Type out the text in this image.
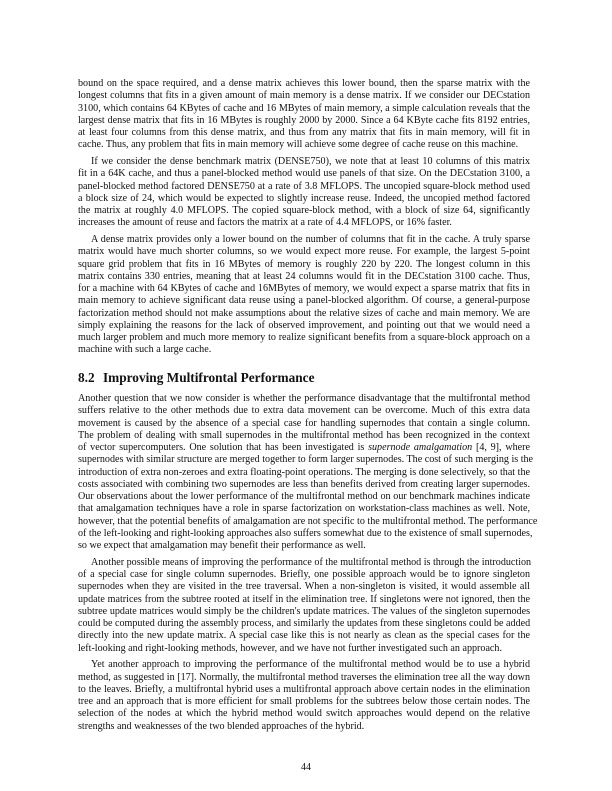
bound on the space required, and a dense matrix achieves this lower bound, then the sparse matrix with the
longest columns that fits in a given amount of main memory is a dense matrix. If we consider our DECstation
3100, which contains 64 KBytes of cache and 16 MBytes of main memory, a simple calculation reveals that the
largest dense matrix that fits in 16 MBytes is roughly 2000 by 2000. Since a 64 KByte cache fits 8192 entries,
at least four columns from this dense matrix, and thus from any matrix that fits in main memory, will fit in
cache. Thus, any problem that fits in main memory will achieve some degree of cache reuse on this machine.
If we consider the dense benchmark matrix (DENSE750), we note that at least 10 columns of this matrix
fit in a 64K cache, and thus a panel-blocked method would use panels of that size. On the DECstation 3100, a
panel-blocked method factored DENSE750 at a rate of 3.8 MFLOPS. The uncopied square-block method used
a block size of 24, which would be expected to slightly increase reuse. Indeed, the uncopied method factored
the matrix at roughly 4.0 MFLOPS. The copied square-block method, with a block of size 64, significantly
increases the amount of reuse and factors the matrix at a rate of 4.4 MFLOPS, or 16% faster.
A dense matrix provides only a lower bound on the number of columns that fit in the cache. A truly sparse
matrix would have much shorter columns, so we would expect more reuse. For example, the largest 5-point
square grid problem that fits in 16 MBytes of memory is roughly 220 by 220. The longest column in this
matrix contains 330 entries, meaning that at least 24 columns would fit in the DECstation 3100 cache. Thus,
for a machine with 64 KBytes of cache and 16MBytes of memory, we would expect a sparse matrix that fits in
main memory to achieve significant data reuse using a panel-blocked algorithm. Of course, a general-purpose
factorization method should not make assumptions about the relative sizes of cache and main memory. We are
simply explaining the reasons for the lack of observed improvement, and pointing out that we would need a
much larger problem and much more memory to realize significant benefits from a square-block approach on a
machine with such a large cache.
8.2 Improving Multifrontal Performance
Another question that we now consider is whether the performance disadvantage that the multifrontal method
suffers relative to the other methods due to extra data movement can be overcome. Much of this extra data
movement is caused by the absence of a special case for handling supernodes that contain a single column.
The problem of dealing with small supernodes in the multifrontal method has been recognized in the context
of vector supercomputers. One solution that has been investigated is supernode amalgamation [4, 9], where
supernodes with similar structure are merged together to form larger supernodes. The cost of such merging is the
introduction of extra non-zeroes and extra floating-point operations. The merging is done selectively, so that the
costs associated with combining two supernodes are less than benefits derived from creating larger supernodes.
Our observations about the lower performance of the multifrontal method on our benchmark machines indicate
that amalgamation techniques have a role in sparse factorization on workstation-class machines as well. Note,
however, that the potential benefits of amalgamation are not specific to the multifrontal method. The performance
of the left-looking and right-looking approaches also suffers somewhat due to the existence of small supernodes,
so we expect that amalgamation may benefit their performance as well.
Another possible means of improving the performance of the multifrontal method is through the introduction
of a special case for single column supernodes. Briefly, one possible approach would be to ignore singleton
supernodes when they are visited in the tree traversal. When a non-singleton is visited, it would assemble all
update matrices from the subtree rooted at itself in the elimination tree. If singletons were not ignored, then the
subtree update matrices would simply be the children's update matrices. The values of the singleton supernodes
could be computed during the assembly process, and similarly the updates from these singletons could be added
directly into the new update matrix. A special case like this is not nearly as clean as the special cases for the
left-looking and right-looking methods, however, and we have not further investigated such an approach.
Yet another approach to improving the performance of the multifrontal method would be to use a hybrid
method, as suggested in [17]. Normally, the multifrontal method traverses the elimination tree all the way down
to the leaves. Briefly, a multifrontal hybrid uses a multifrontal approach above certain nodes in the elimination
tree and an approach that is more efficient for small problems for the subtrees below those certain nodes. The
selection of the nodes at which the hybrid method would switch approaches would depend on the relative
strengths and weaknesses of the two blended approaches of the hybrid.
44
